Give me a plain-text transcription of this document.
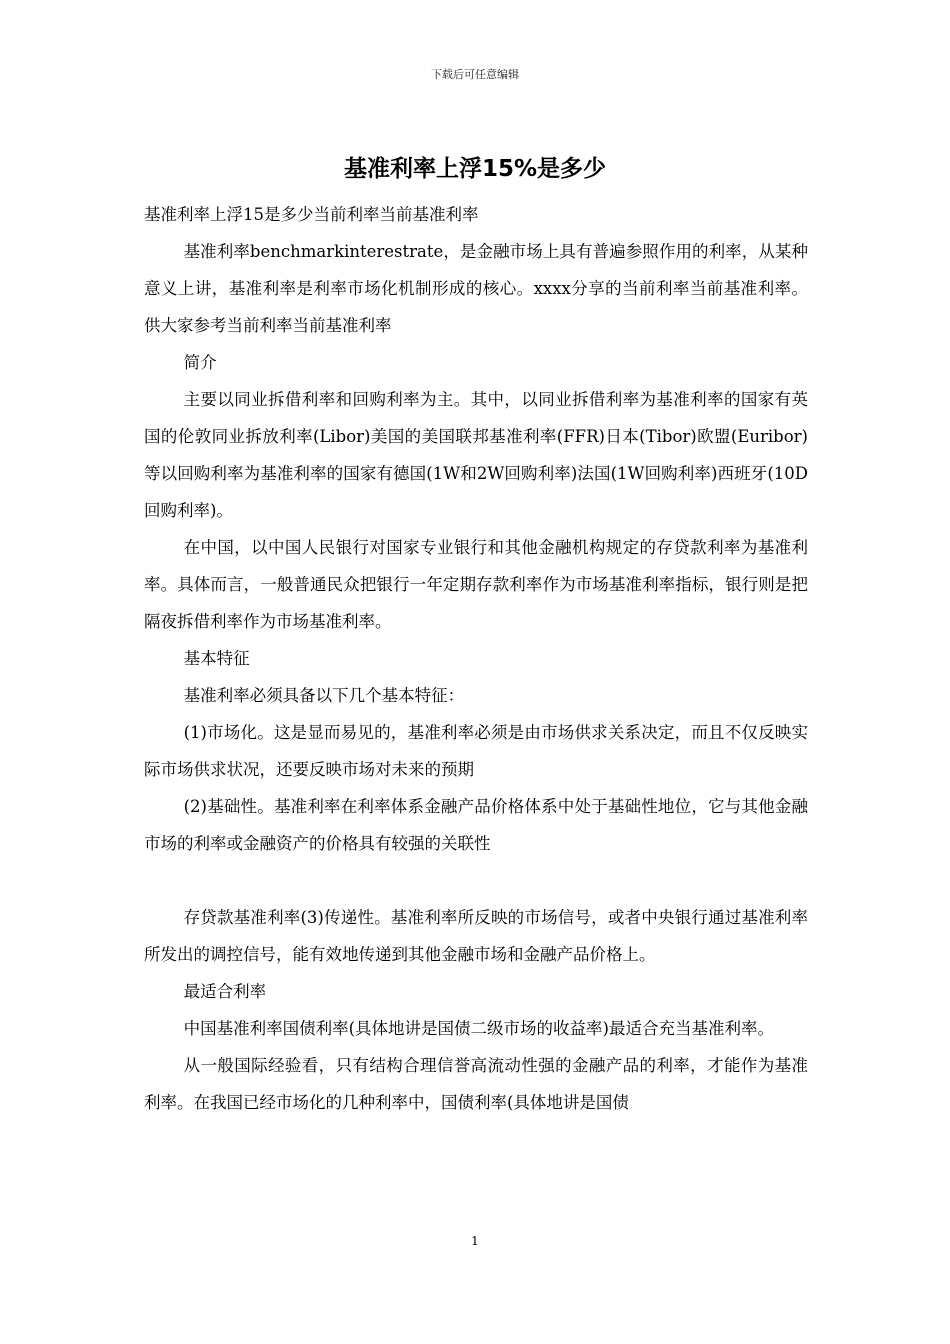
下载后可任意编辑
基准利率上浮15%是多少

基准利率上浮15是多少当前利率当前基准利率

基准利率benchmarkinterestrate，是金融市场上具有普遍参照作用的利率，从某种意义上讲，基准利率是利率市场化机制形成的核心。xxxx分享的当前利率当前基准利率。供大家参考当前利率当前基准利率

简介

主要以同业拆借利率和回购利率为主。其中，以同业拆借利率为基准利率的国家有英国的伦敦同业拆放利率(Libor)美国的美国联邦基准利率(FFR)日本(Tibor)欧盟(Euribor)等以回购利率为基准利率的国家有德国(1W和2W回购利率)法国(1W回购利率)西班牙(10D回购利率)。

在中国，以中国人民银行对国家专业银行和其他金融机构规定的存贷款利率为基准利率。具体而言，一般普通民众把银行一年定期存款利率作为市场基准利率指标，银行则是把隔夜拆借利率作为市场基准利率。

基本特征

基准利率必须具备以下几个基本特征：

(1)市场化。这是显而易见的，基准利率必须是由市场供求关系决定，而且不仅反映实际市场供求状况，还要反映市场对未来的预期

(2)基础性。基准利率在利率体系金融产品价格体系中处于基础性地位，它与其他金融市场的利率或金融资产的价格具有较强的关联性

存贷款基准利率(3)传递性。基准利率所反映的市场信号，或者中央银行通过基准利率所发出的调控信号，能有效地传递到其他金融市场和金融产品价格上。

最适合利率

中国基准利率国债利率(具体地讲是国债二级市场的收益率)最适合充当基准利率。

从一般国际经验看，只有结构合理信誉高流动性强的金融产品的利率，才能作为基准利率。在我国已经市场化的几种利率中，国债利率(具体地讲是国债

1
